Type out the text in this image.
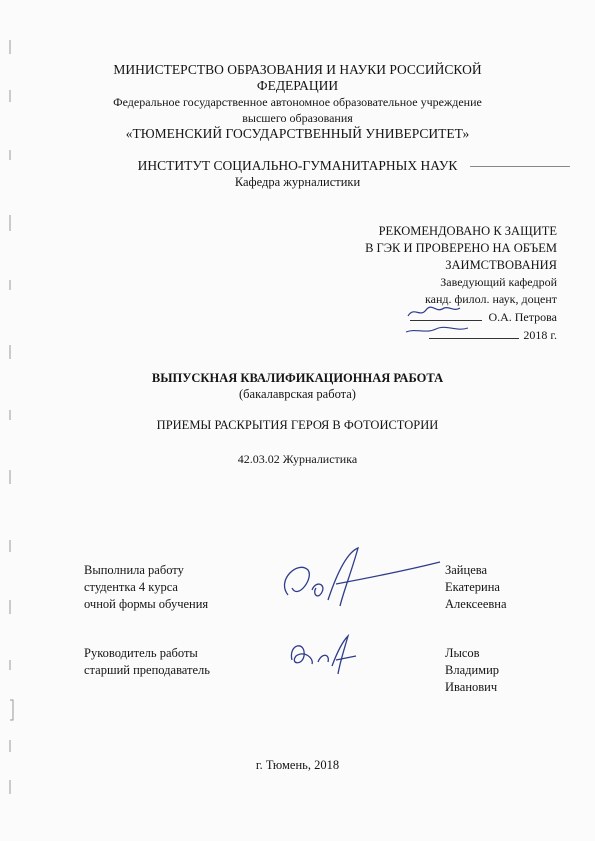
МИНИСТЕРСТВО ОБРАЗОВАНИЯ И НАУКИ РОССИЙСКОЙ
ФЕДЕРАЦИИ
Федеральное государственное автономное образовательное учреждение
высшего образования
«ТЮМЕНСКИЙ ГОСУДАРСТВЕННЫЙ УНИВЕРСИТЕТ»
ИНСТИТУТ СОЦИАЛЬНО-ГУМАНИТАРНЫХ НАУК
Кафедра журналистики
РЕКОМЕНДОВАНО К ЗАЩИТЕ
В ГЭК И ПРОВЕРЕНО НА ОБЪЕМ
ЗАИМСТВОВАНИЯ
Заведующий кафедрой
канд. филол. наук, доцент
О.А. Петрова
2018 г.
ВЫПУСКНАЯ КВАЛИФИКАЦИОННАЯ РАБОТА
(бакалаврская работа)
ПРИЕМЫ РАСКРЫТИЯ ГЕРОЯ В ФОТОИСТОРИИ
42.03.02 Журналистика
Выполнила работу
студентка 4 курса
очной формы обучения
Зайцева
Екатерина
Алексеевна
Руководитель работы
старший преподаватель
Лысов
Владимир
Иванович
г. Тюмень, 2018
